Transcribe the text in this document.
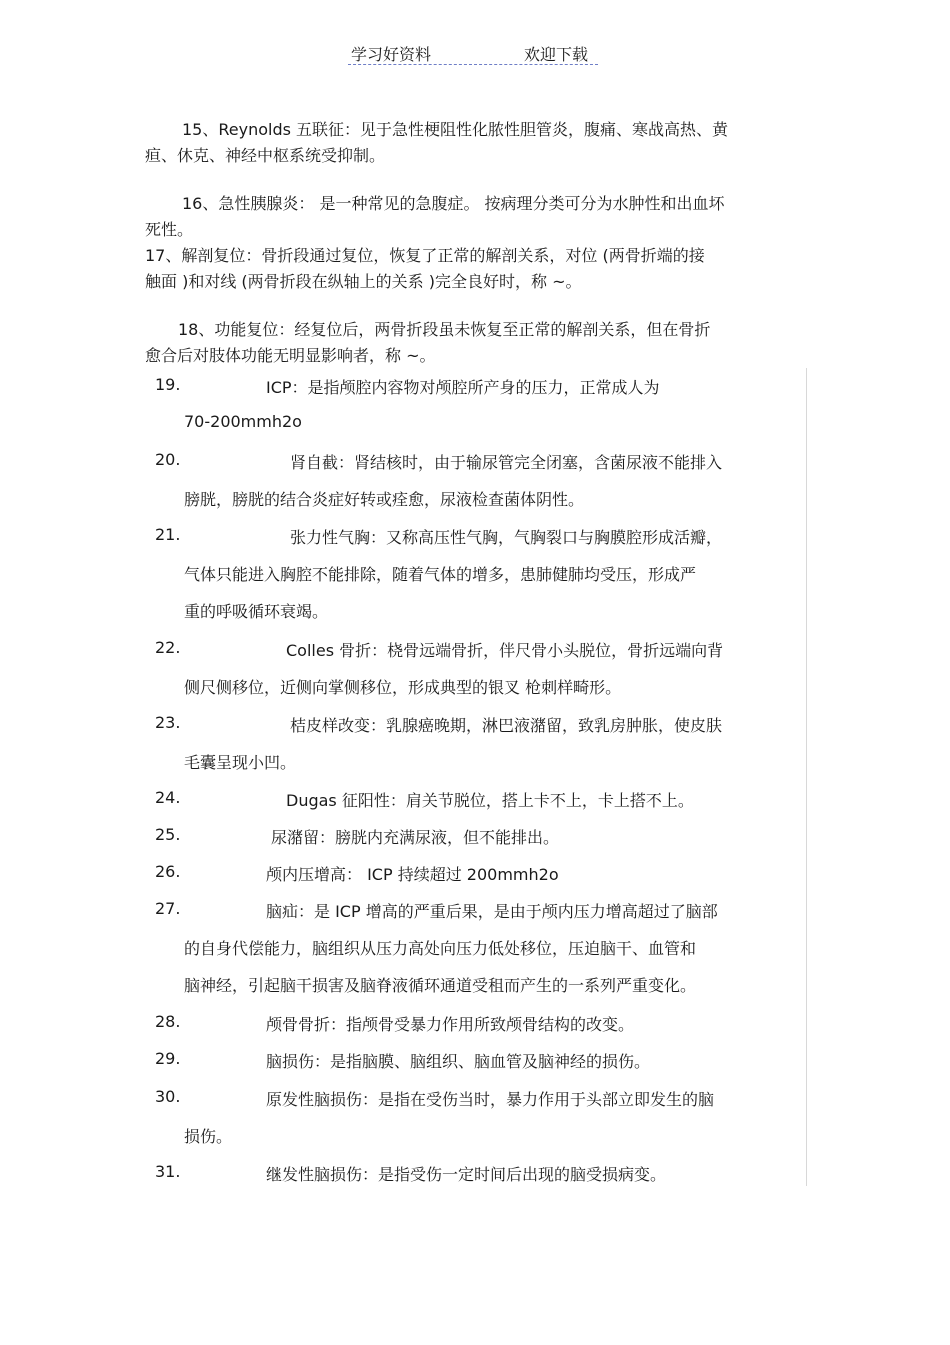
学习好资料	欢迎下载
15、Reynolds 五联征：见于急性梗阻性化脓性胆管炎，腹痛、寒战高热、黄
疸、休克、神经中枢系统受抑制。
16、急性胰腺炎： 是一种常见的急腹症。 按病理分类可分为水肿性和出血坏
死性。
17、解剖复位：骨折段通过复位，恢复了正常的解剖关系，对位 (两骨折端的接
触面 )和对线 (两骨折段在纵轴上的关系 )完全良好时，称 ~。
18、功能复位：经复位后，两骨折段虽未恢复至正常的解剖关系，但在骨折
愈合后对肢体功能无明显影响者，称 ~。
19.	ICP：是指颅腔内容物对颅腔所产身的压力，正常成人为
70-200mmh2o
20.	肾自截：肾结核时，由于输尿管完全闭塞，含菌尿液不能排入
膀胱，膀胱的结合炎症好转或痊愈，尿液检查菌体阴性。
21.	张力性气胸：又称高压性气胸，气胸裂口与胸膜腔形成活瓣，
气体只能进入胸腔不能排除，随着气体的增多，患肺健肺均受压，形成严
重的呼吸循环衰竭。
22.	Colles 骨折：桡骨远端骨折，伴尺骨小头脱位，骨折远端向背
侧尺侧移位，近侧向掌侧移位，形成典型的银叉 枪刺样畸形。
23.	桔皮样改变：乳腺癌晚期，淋巴液潴留，致乳房肿胀，使皮肤
毛囊呈现小凹。
24.	Dugas 征阳性：肩关节脱位，搭上卡不上，卡上搭不上。
25.	尿潴留：膀胱内充满尿液，但不能排出。
26.	颅内压增高： ICP 持续超过 200mmh2o
27.	脑疝：是 ICP 增高的严重后果，是由于颅内压力增高超过了脑部
的自身代偿能力，脑组织从压力高处向压力低处移位，压迫脑干、血管和
脑神经，引起脑干损害及脑脊液循环通道受租而产生的一系列严重变化。
28.	颅骨骨折：指颅骨受暴力作用所致颅骨结构的改变。
29.	脑损伤：是指脑膜、脑组织、脑血管及脑神经的损伤。
30.	原发性脑损伤：是指在受伤当时，暴力作用于头部立即发生的脑
损伤。
31.	继发性脑损伤：是指受伤一定时间后出现的脑受损病变。
